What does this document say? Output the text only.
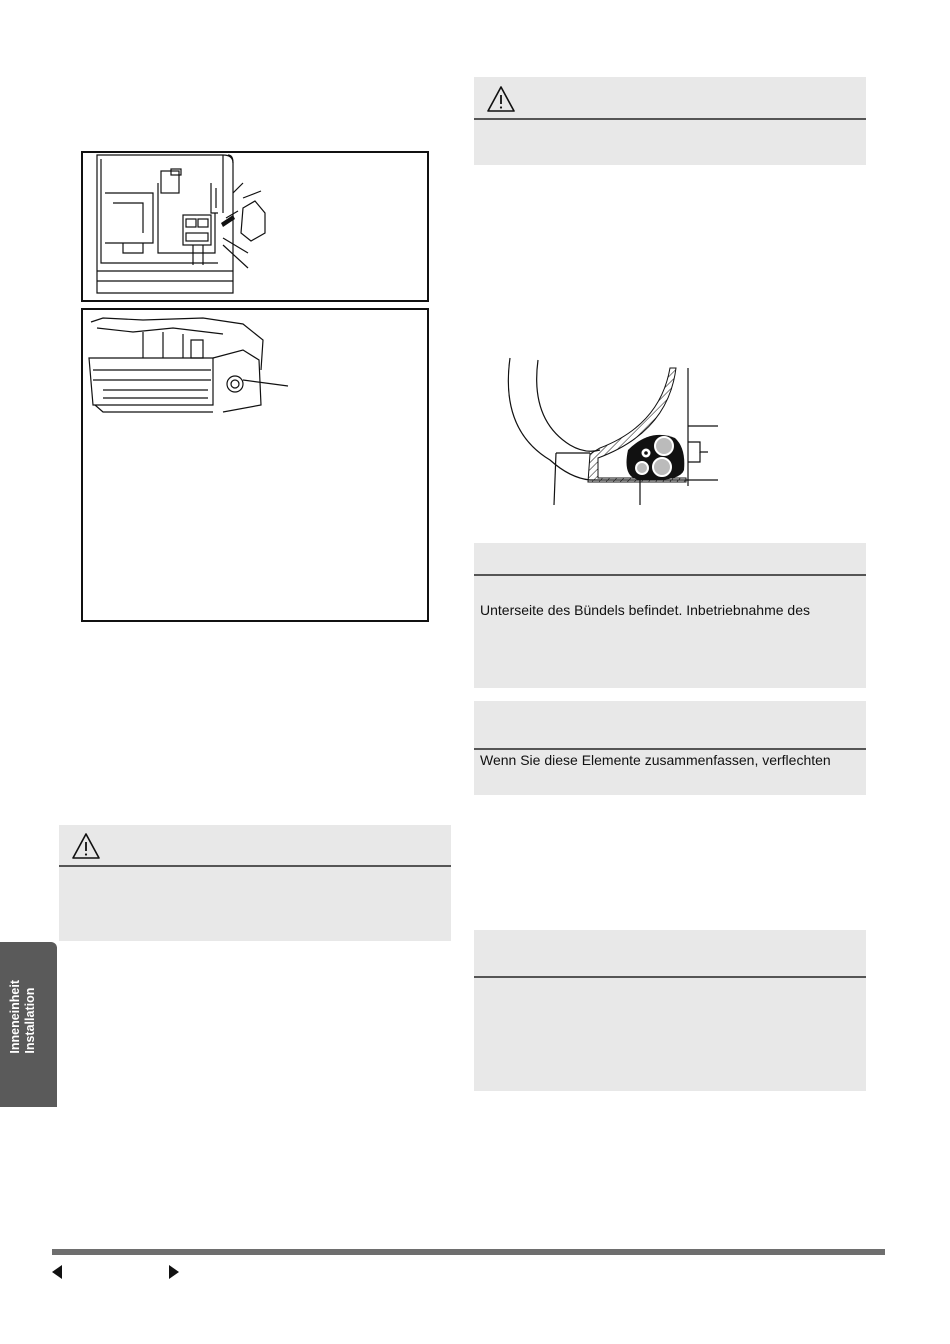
Unterseite des Bündels befindet. Inbetriebnahme des
Wenn Sie diese Elemente zusammenfassen, verflechten
Inneneinheit
Installation
